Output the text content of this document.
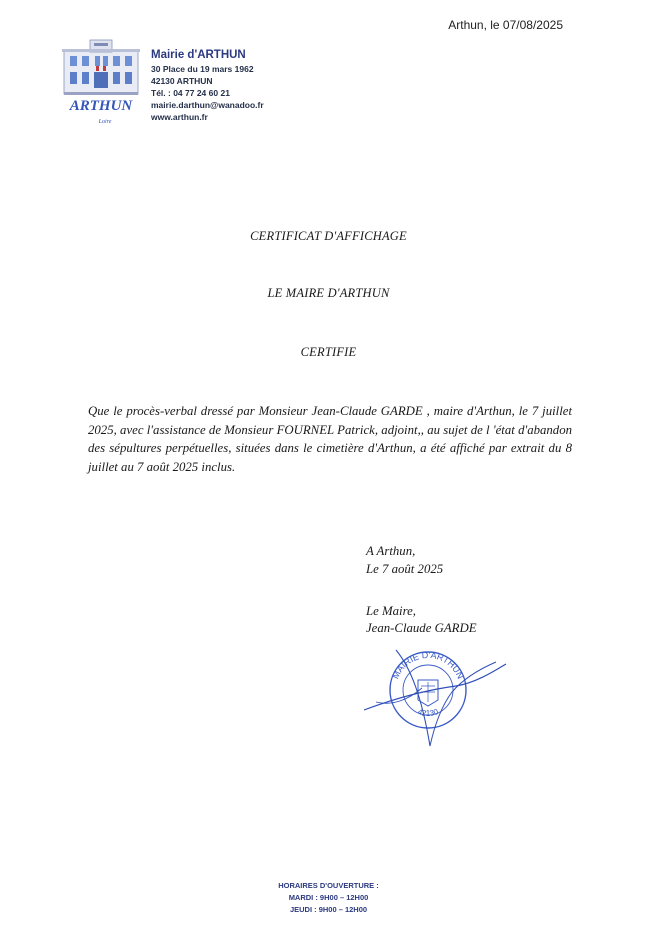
Arthun, le 07/08/2025
ARTHUN
Loire
Mairie d'ARTHUN
30 Place du 19 mars 1962
42130 ARTHUN
Tél. : 04 77 24 60 21
mairie.darthun@wanadoo.fr
www.arthun.fr
CERTIFICAT D'AFFICHAGE
LE MAIRE D'ARTHUN
CERTIFIE
Que le procès-verbal dressé par Monsieur Jean-Claude GARDE , maire d'Arthun, le 7 juillet 2025, avec l'assistance de Monsieur FOURNEL Patrick, adjoint,, au sujet de l 'état d'abandon des sépultures perpétuelles, situées dans le cimetière d'Arthun, a été affiché par extrait du 8 juillet au 7 août 2025 inclus.
A Arthun,
Le 7 août 2025
Le Maire,
Jean-Claude GARDE
MAIRIE D'ARTHUN
42130
HORAIRES D'OUVERTURE :
MARDI : 9H00 – 12H00
JEUDI : 9H00 – 12H00
